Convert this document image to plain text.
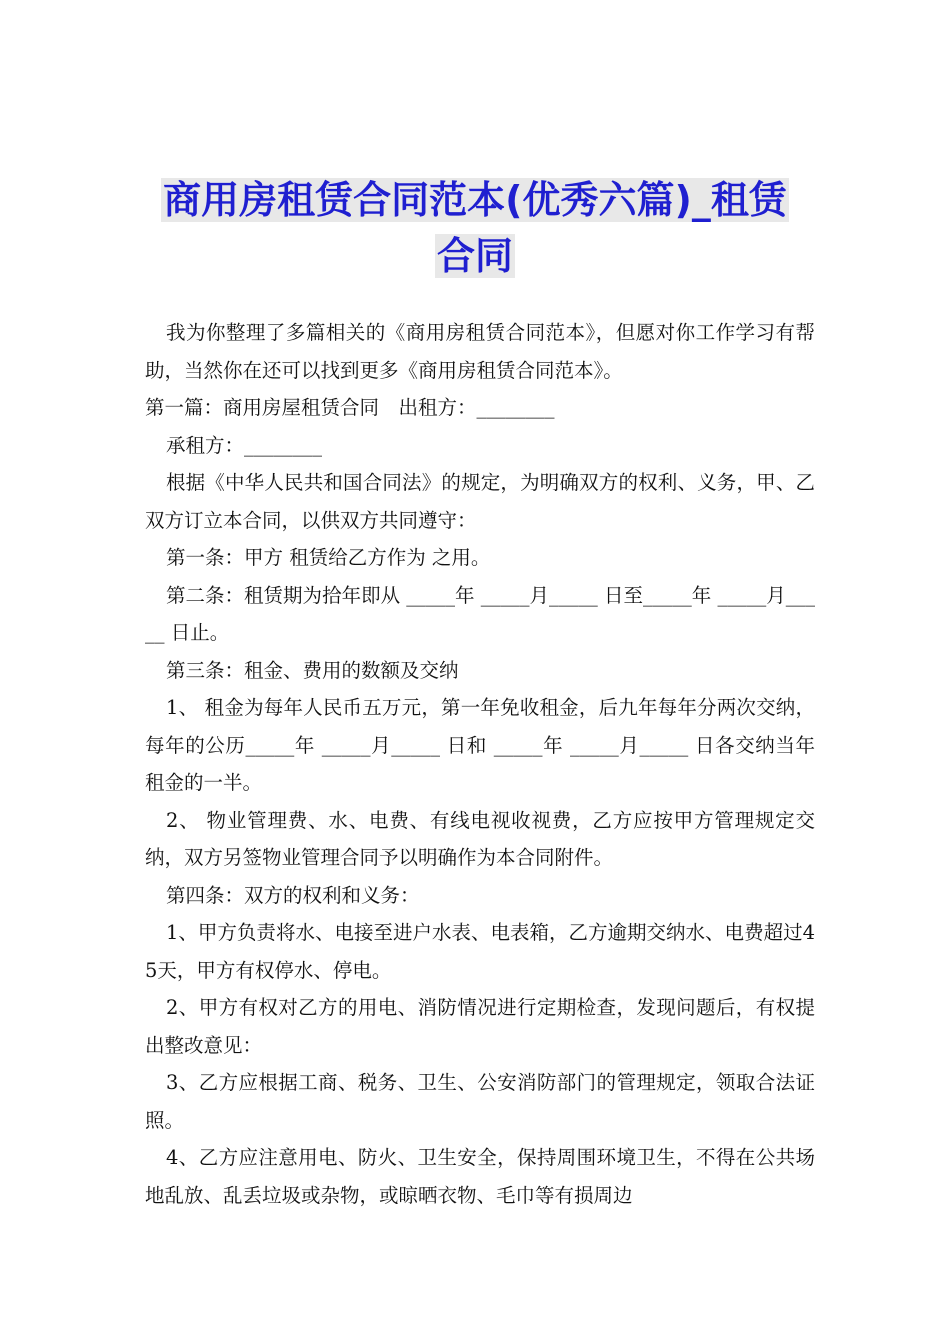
商用房租赁合同范本(优秀六篇)_租赁
合同

我为你整理了多篇相关的《商用房租赁合同范本》，但愿对你工作学习有帮助，当然你在还可以找到更多《商用房租赁合同范本》。

第一篇：商用房屋租赁合同　出租方：________

承租方：________

根据《中华人民共和国合同法》的规定，为明确双方的权利、义务，甲、乙双方订立本合同，以供双方共同遵守：

第一条：甲方 租赁给乙方作为 之用。

第二条：租赁期为拾年即从 _____年 _____月_____ 日至_____年 _____月_____ 日止。

第三条：租金、费用的数额及交纳

1、 租金为每年人民币五万元，第一年免收租金，后九年每年分两次交纳，每年的公历_____年 _____月_____ 日和 _____年 _____月_____ 日各交纳当年租金的一半。

2、 物业管理费、水、电费、有线电视收视费，乙方应按甲方管理规定交纳，双方另签物业管理合同予以明确作为本合同附件。

第四条：双方的权利和义务：

1、甲方负责将水、电接至进户水表、电表箱，乙方逾期交纳水、电费超过45天，甲方有权停水、停电。

2、甲方有权对乙方的用电、消防情况进行定期检查，发现问题后，有权提出整改意见：

3、乙方应根据工商、税务、卫生、公安消防部门的管理规定，领取合法证照。

4、乙方应注意用电、防火、卫生安全，保持周围环境卫生，不得在公共场地乱放、乱丢垃圾或杂物，或晾晒衣物、毛巾等有损周边
